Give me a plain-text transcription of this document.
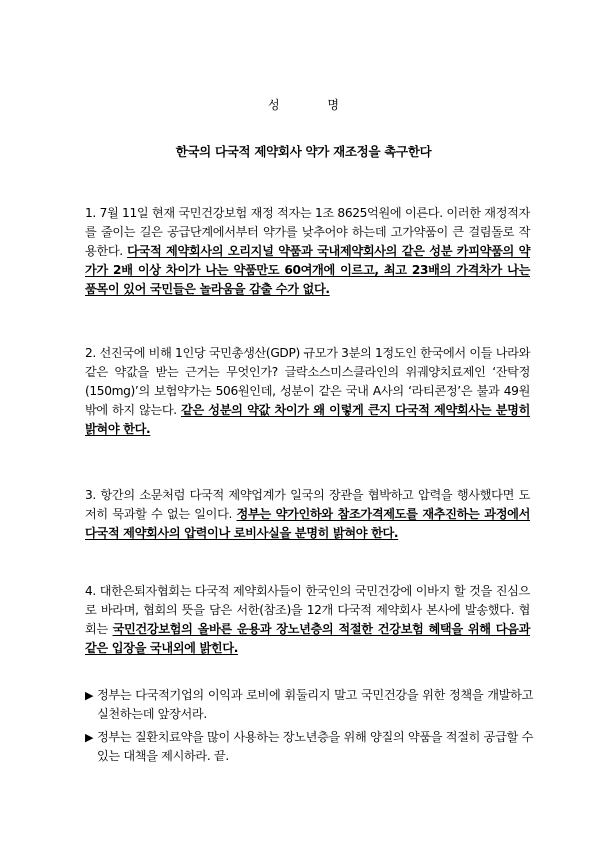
성 명
한국의 다국적 제약회사 약가 재조정을 촉구한다
1. 7월 11일 현재 국민건강보험 재정 적자는 1조 8625억원에 이른다. 이러한 재정적자를 줄이는 길은 공급단계에서부터 약가를 낮추어야 하는데 고가약품이 큰 걸림돌로 작용한다. 다국적 제약회사의 오리지널 약품과 국내제약회사의 같은 성분 카피약품의 약가가 2배 이상 차이가 나는 약품만도 60여개에 이르고, 최고 23배의 가격차가 나는 품목이 있어 국민들은 놀라움을 감출 수가 없다.
2. 선진국에 비해 1인당 국민총생산(GDP) 규모가 3분의 1정도인 한국에서 이들 나라와 같은 약값을 받는 근거는 무엇인가? 글락소스미스클라인의 위궤양치료제인 ‘잔탁정(150mg)’의 보험약가는 506원인데, 성분이 같은 국내 A사의 ‘라티콘정’은 불과 49원 밖에 하지 않는다. 같은 성분의 약값 차이가 왜 이렇게 큰지 다국적 제약회사는 분명히 밝혀야 한다.
3. 항간의 소문처럼 다국적 제약업계가 일국의 장관을 협박하고 압력을 행사했다면 도저히 묵과할 수 없는 일이다. 정부는 약가인하와 참조가격제도를 재추진하는 과정에서 다국적 제약회사의 압력이나 로비사실을 분명히 밝혀야 한다.
4. 대한은퇴자협회는 다국적 제약회사들이 한국인의 국민건강에 이바지 할 것을 진심으로 바라며, 협회의 뜻을 담은 서한(참조)을 12개 다국적 제약회사 본사에 발송했다. 협회는 국민건강보험의 올바른 운용과 장노년층의 적절한 건강보험 혜택을 위해 다음과 같은 입장을 국내외에 밝힌다.
▶ 정부는 다국적기업의 이익과 로비에 휘둘리지 말고 국민건강을 위한 정책을 개발하고 실천하는데 앞장서라.
▶ 정부는 질환치료약을 많이 사용하는 장노년층을 위해 양질의 약품을 적절히 공급할 수 있는 대책을 제시하라. 끝.
